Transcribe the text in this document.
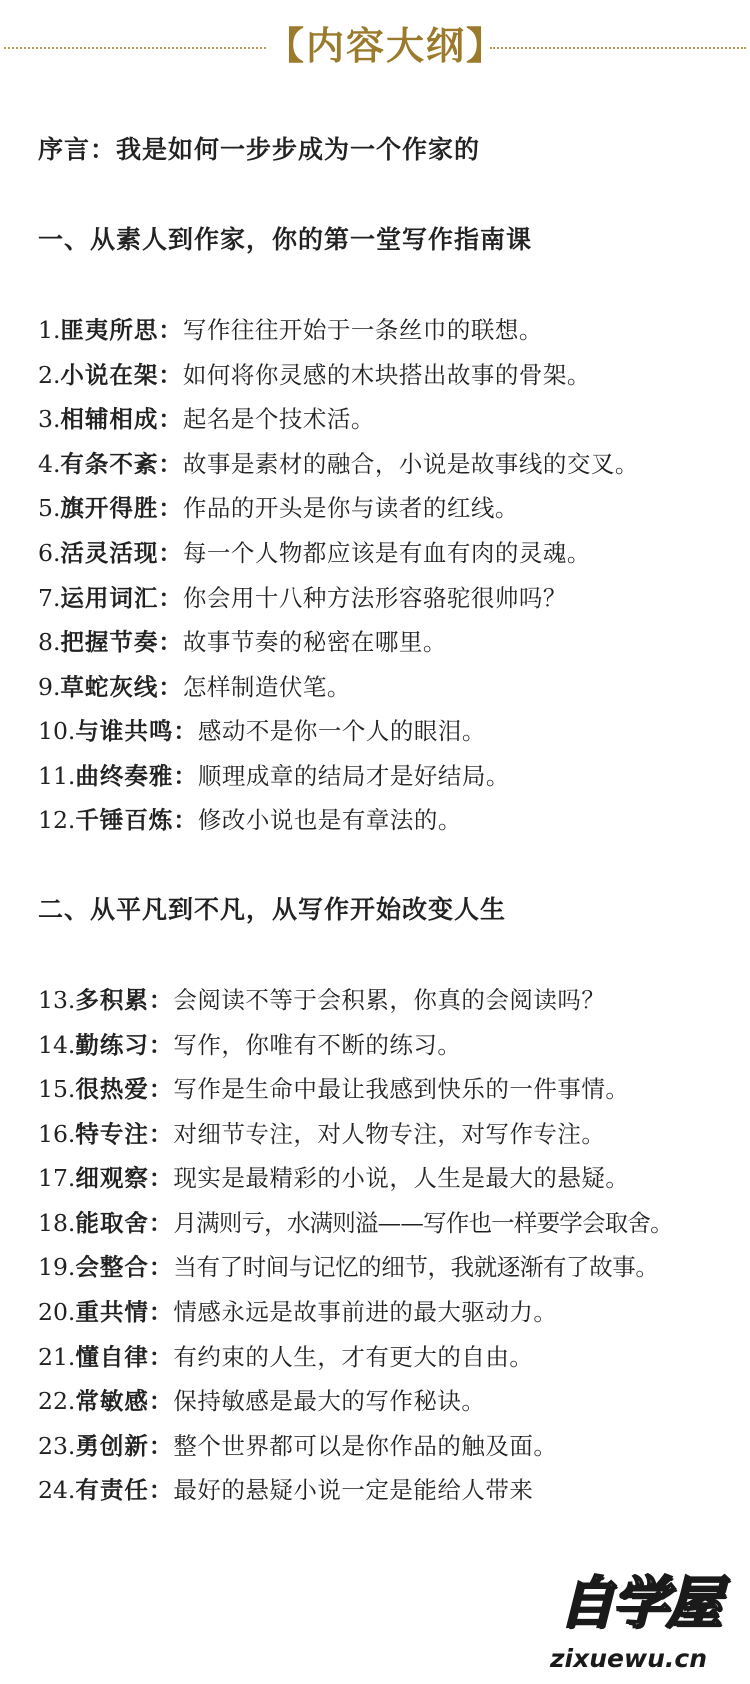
【内容大纲】
序言：我是如何一步步成为一个作家的
一、从素人到作家，你的第一堂写作指南课
1.匪夷所思：写作往往开始于一条丝巾的联想。
2.小说在架：如何将你灵感的木块搭出故事的骨架。
3.相辅相成：起名是个技术活。
4.有条不紊：故事是素材的融合，小说是故事线的交叉。
5.旗开得胜：作品的开头是你与读者的红线。
6.活灵活现：每一个人物都应该是有血有肉的灵魂。
7.运用词汇：你会用十八种方法形容骆驼很帅吗？
8.把握节奏：故事节奏的秘密在哪里。
9.草蛇灰线：怎样制造伏笔。
10.与谁共鸣：感动不是你一个人的眼泪。
11.曲终奏雅：顺理成章的结局才是好结局。
12.千锤百炼：修改小说也是有章法的。
二、从平凡到不凡，从写作开始改变人生
13.多积累：会阅读不等于会积累，你真的会阅读吗？
14.勤练习：写作，你唯有不断的练习。
15.很热爱：写作是生命中最让我感到快乐的一件事情。
16.特专注：对细节专注，对人物专注，对写作专注。
17.细观察：现实是最精彩的小说，人生是最大的悬疑。
18.能取舍：月满则亏，水满则溢——写作也一样要学会取舍。
19.会整合：当有了时间与记忆的细节，我就逐渐有了故事。
20.重共情：情感永远是故事前进的最大驱动力。
21.懂自律：有约束的人生，才有更大的自由。
22.常敏感：保持敏感是最大的写作秘诀。
23.勇创新：整个世界都可以是你作品的触及面。
24.有责任：最好的悬疑小说一定是能给人带来
自学屋
zixuewu.cn
